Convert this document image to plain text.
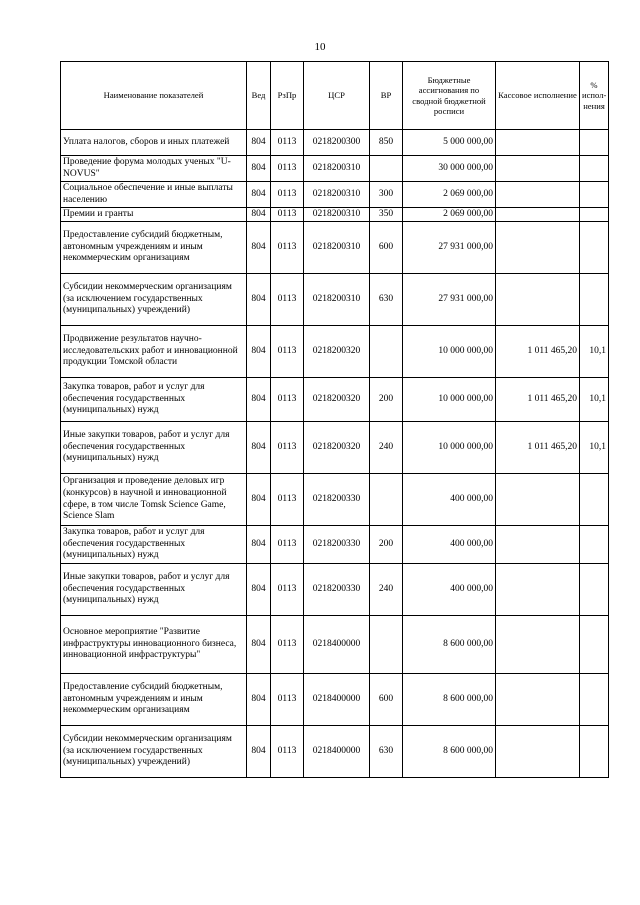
10
Наименование показателей	Вед	РзПр	ЦСР	ВР	Бюджетные ассигнования по сводной бюджетной росписи	Кассовое исполнение	% испол- нения
Уплата налогов, сборов и иных платежей	804	0113	0218200300	850	5 000 000,00		
Проведение форума молодых ученых "U-NOVUS"	804	0113	0218200310		30 000 000,00		
Социальное обеспечение и иные выплаты населению	804	0113	0218200310	300	2 069 000,00		
Премии и гранты	804	0113	0218200310	350	2 069 000,00		
Предоставление субсидий бюджетным, автономным учреждениям и иным некоммерческим организациям	804	0113	0218200310	600	27 931 000,00		
Субсидии некоммерческим организациям (за исключением государственных (муниципальных) учреждений)	804	0113	0218200310	630	27 931 000,00		
Продвижение результатов научно-исследовательских работ и инновационной продукции Томской области	804	0113	0218200320		10 000 000,00	1 011 465,20	10,1
Закупка товаров, работ и услуг для обеспечения государственных (муниципальных) нужд	804	0113	0218200320	200	10 000 000,00	1 011 465,20	10,1
Иные закупки товаров, работ и услуг для обеспечения государственных (муниципальных) нужд	804	0113	0218200320	240	10 000 000,00	1 011 465,20	10,1
Организация и проведение деловых игр (конкурсов) в научной и инновационной сфере, в том числе Tomsk Science Game, Science Slam	804	0113	0218200330		400 000,00		
Закупка товаров, работ и услуг для обеспечения государственных (муниципальных) нужд	804	0113	0218200330	200	400 000,00		
Иные закупки товаров, работ и услуг для обеспечения государственных (муниципальных) нужд	804	0113	0218200330	240	400 000,00		
Основное мероприятие "Развитие инфраструктуры инновационного бизнеса, инновационной инфраструктуры"	804	0113	0218400000		8 600 000,00		
Предоставление субсидий бюджетным, автономным учреждениям и иным некоммерческим организациям	804	0113	0218400000	600	8 600 000,00		
Субсидии некоммерческим организациям (за исключением государственных (муниципальных) учреждений)	804	0113	0218400000	630	8 600 000,00		
